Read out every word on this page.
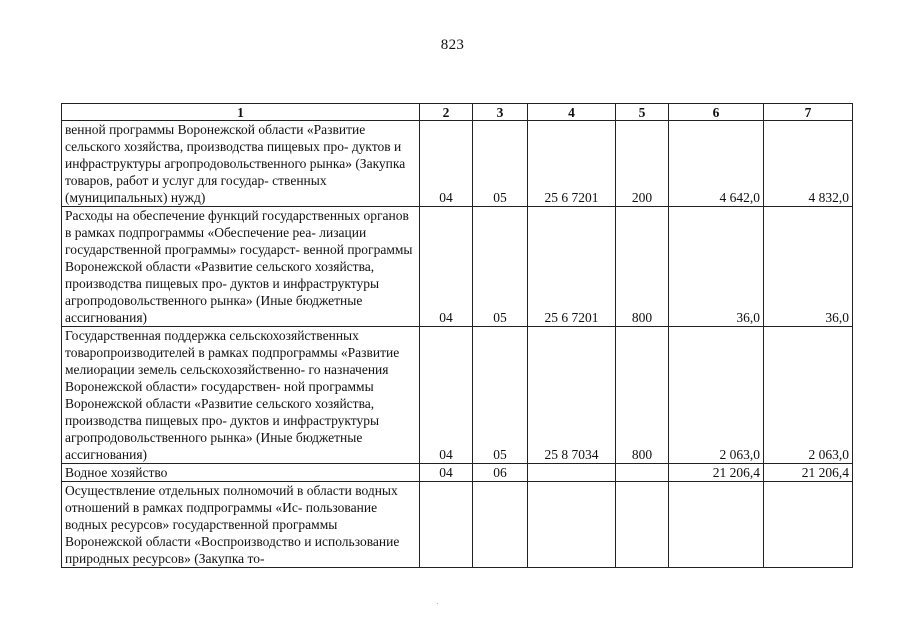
823
1	2	3	4	5	6	7
венной программы Воронежской области «Развитие сельского хозяйства, производства пищевых про- дуктов и инфраструктуры агропродовольственного рынка» (Закупка товаров, работ и услуг для государ- ственных (муниципальных) нужд)	04	05	25 6 7201	200	4 642,0	4 832,0
Расходы на обеспечение функций государственных органов в рамках подпрограммы «Обеспечение реа- лизации государственной программы» государст- венной программы Воронежской области «Развитие сельского хозяйства, производства пищевых про- дуктов и инфраструктуры агропродовольственного рынка» (Иные бюджетные ассигнования)	04	05	25 6 7201	800	36,0	36,0
Государственная поддержка сельскохозяйственных товаропроизводителей в рамках подпрограммы «Развитие мелиорации земель сельскохозяйственно- го назначения Воронежской области» государствен- ной программы Воронежской области «Развитие сельского хозяйства, производства пищевых про- дуктов и инфраструктуры агропродовольственного рынка» (Иные бюджетные ассигнования)	04	05	25 8 7034	800	2 063,0	2 063,0
Водное хозяйство	04	06			21 206,4	21 206,4
Осуществление отдельных полномочий в области водных отношений в рамках подпрограммы «Ис- пользование водных ресурсов» государственной программы Воронежской области «Воспроизводство и использование природных ресурсов» (Закупка то-						
